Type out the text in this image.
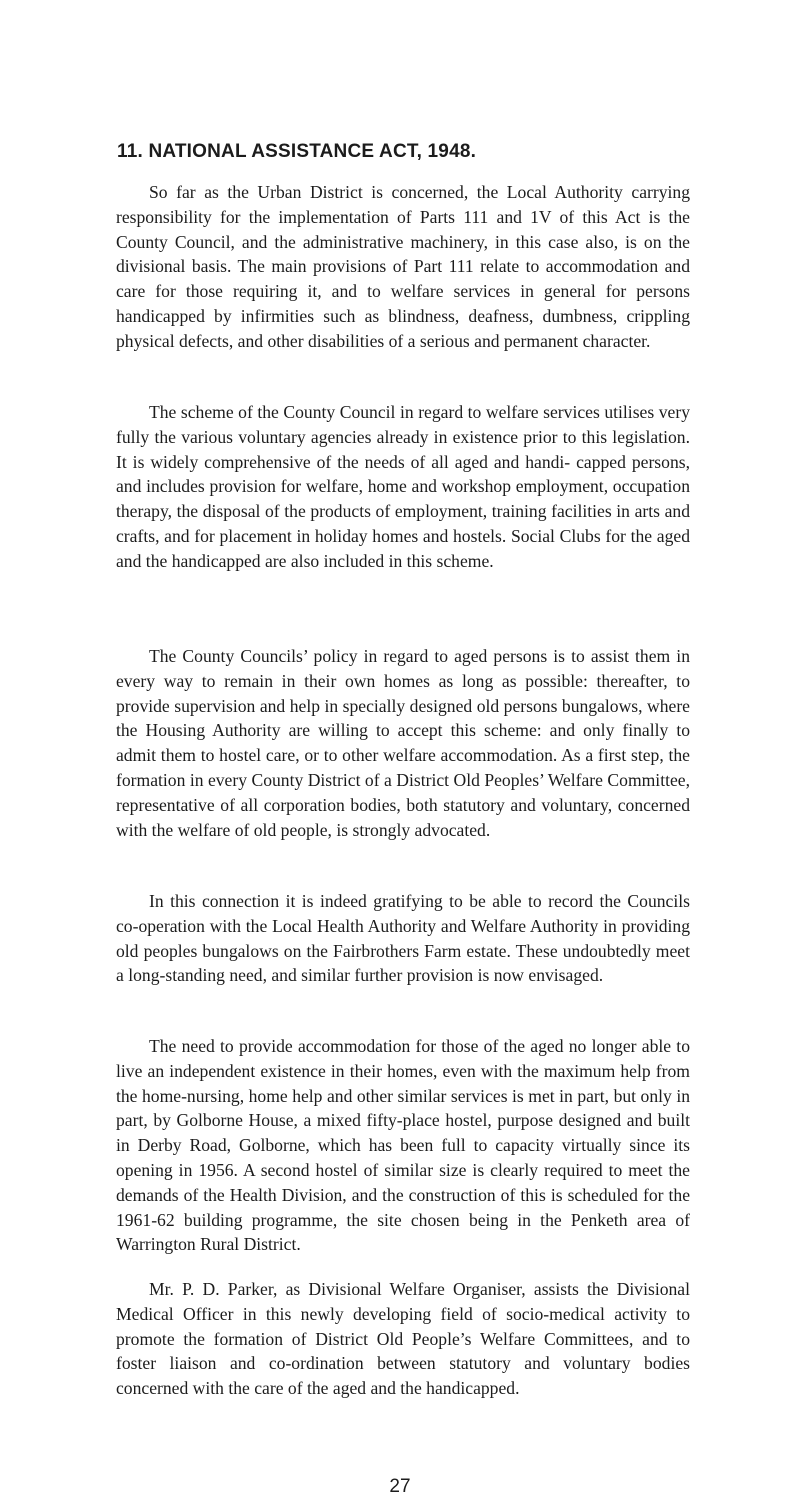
11. NATIONAL ASSISTANCE ACT, 1948.

So far as the Urban District is concerned, the Local Authority carrying responsibility for the implementation of Parts 111 and 1V of this Act is the County Council, and the administrative machinery, in this case also, is on the divisional basis. The main provisions of Part 111 relate to accommodation and care for those requiring it, and to welfare services in general for persons handicapped by infirmities such as blindness, deafness, dumbness, crippling physical defects, and other disabilities of a serious and permanent character.

The scheme of the County Council in regard to welfare services utilises very fully the various voluntary agencies already in existence prior to this legislation. It is widely comprehensive of the needs of all aged and handi- capped persons, and includes provision for welfare, home and workshop employment, occupation therapy, the disposal of the products of employment, training facilities in arts and crafts, and for placement in holiday homes and hostels. Social Clubs for the aged and the handicapped are also included in this scheme.

The County Councils’ policy in regard to aged persons is to assist them in every way to remain in their own homes as long as possible: thereafter, to provide supervision and help in specially designed old persons bungalows, where the Housing Authority are willing to accept this scheme: and only finally to admit them to hostel care, or to other welfare accommodation. As a first step, the formation in every County District of a District Old Peoples’ Welfare Committee, representative of all corporation bodies, both statutory and voluntary, concerned with the welfare of old people, is strongly advocated.

In this connection it is indeed gratifying to be able to record the Councils co-operation with the Local Health Authority and Welfare Authority in providing old peoples bungalows on the Fairbrothers Farm estate. These undoubtedly meet a long-standing need, and similar further provision is now envisaged.

The need to provide accommodation for those of the aged no longer able to live an independent existence in their homes, even with the maximum help from the home-nursing, home help and other similar services is met in part, but only in part, by Golborne House, a mixed fifty-place hostel, purpose designed and built in Derby Road, Golborne, which has been full to capacity virtually since its opening in 1956. A second hostel of similar size is clearly required to meet the demands of the Health Division, and the construction of this is scheduled for the 1961-62 building programme, the site chosen being in the Penketh area of Warrington Rural District.

Mr. P. D. Parker, as Divisional Welfare Organiser, assists the Divisional Medical Officer in this newly developing field of socio-medical activity to promote the formation of District Old People’s Welfare Committees, and to foster liaison and co-ordination between statutory and voluntary bodies concerned with the care of the aged and the handicapped.

27
